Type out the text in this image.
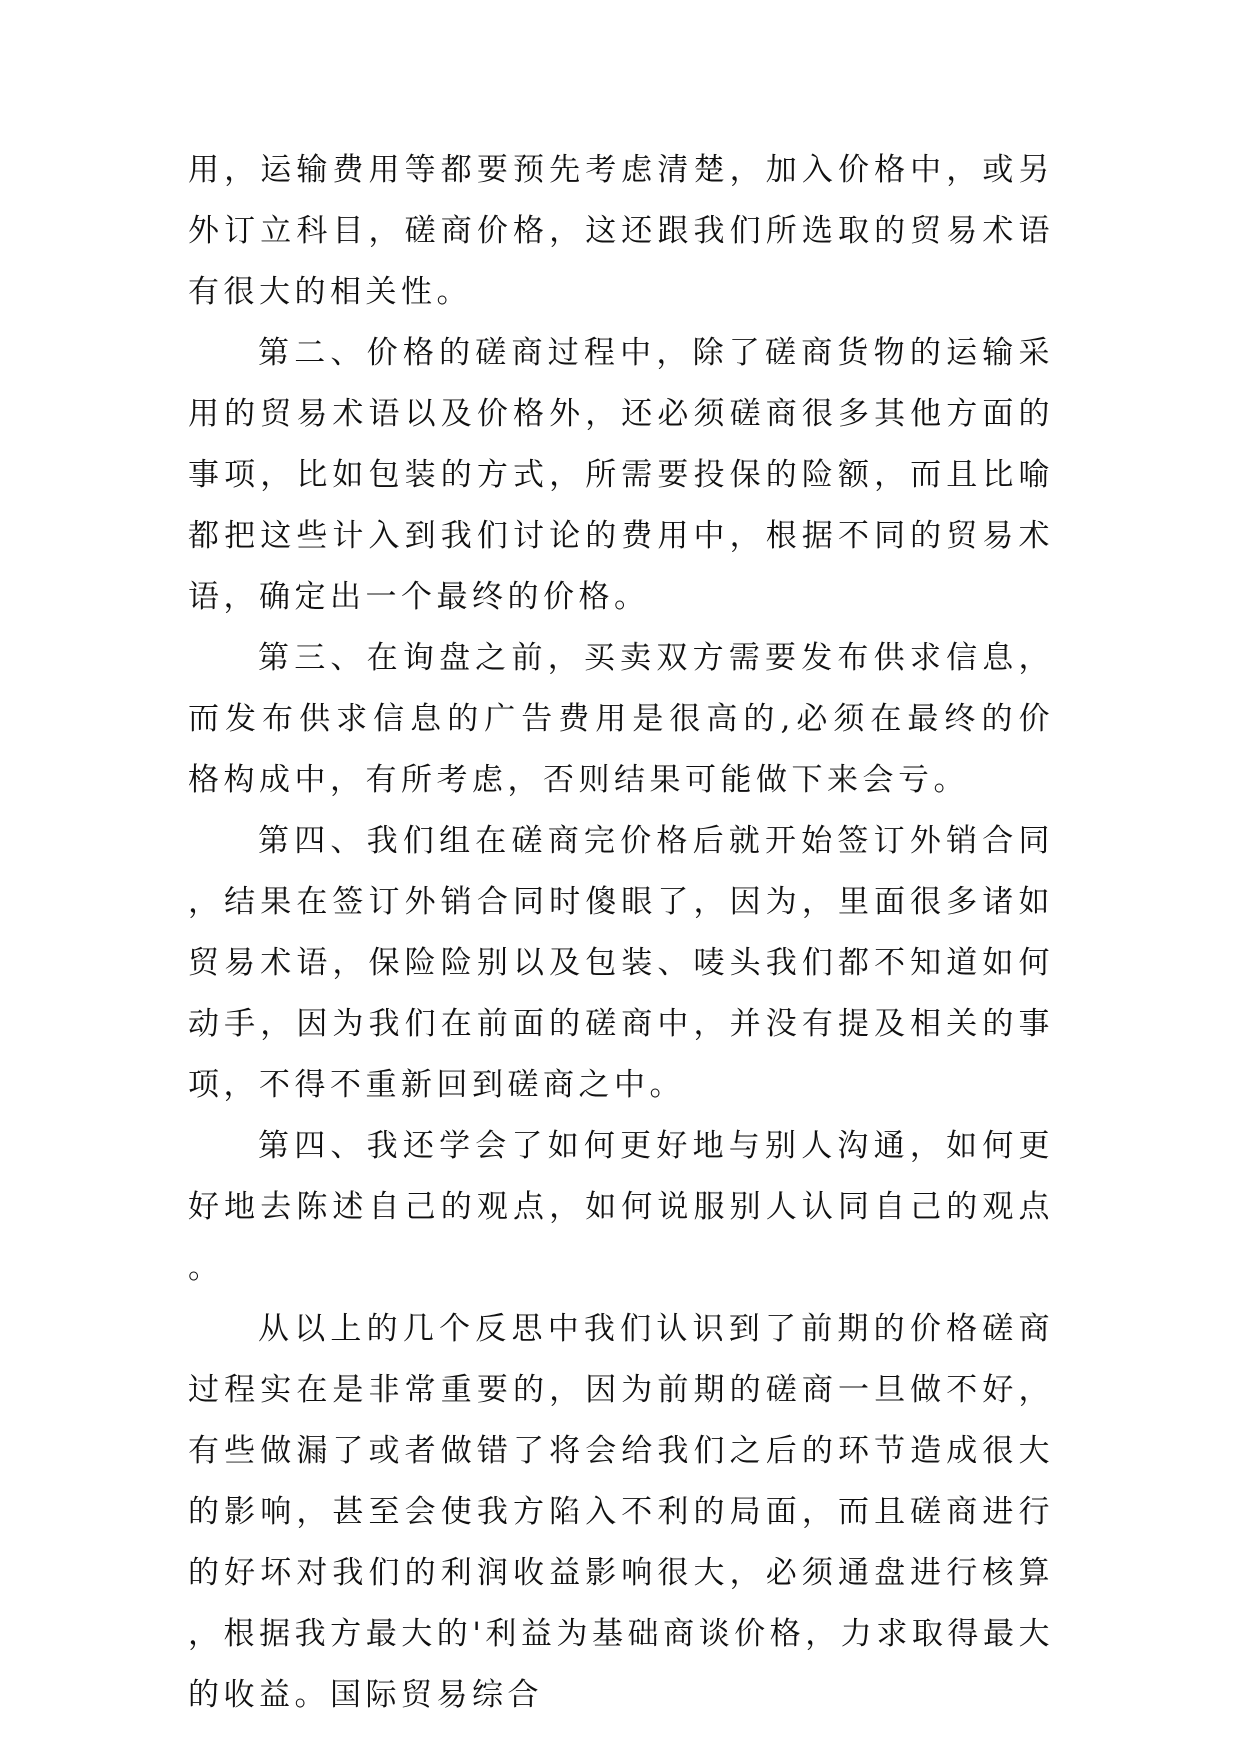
用，运输费用等都要预先考虑清楚，加入价格中，或另外订立科目，磋商价格，这还跟我们所选取的贸易术语有很大的相关性。

第二、价格的磋商过程中，除了磋商货物的运输采用的贸易术语以及价格外，还必须磋商很多其他方面的事项，比如包装的方式，所需要投保的险额，而且比喻都把这些计入到我们讨论的费用中，根据不同的贸易术语，确定出一个最终的价格。

第三、在询盘之前，买卖双方需要发布供求信息，而发布供求信息的广告费用是很高的,必须在最终的价格构成中，有所考虑，否则结果可能做下来会亏。

第四、我们组在磋商完价格后就开始签订外销合同，结果在签订外销合同时傻眼了，因为，里面很多诸如贸易术语，保险险别以及包装、唛头我们都不知道如何动手，因为我们在前面的磋商中，并没有提及相关的事项，不得不重新回到磋商之中。

第四、我还学会了如何更好地与别人沟通，如何更好地去陈述自己的观点，如何说服别人认同自己的观点。

从以上的几个反思中我们认识到了前期的价格磋商过程实在是非常重要的，因为前期的磋商一旦做不好，有些做漏了或者做错了将会给我们之后的环节造成很大的影响，甚至会使我方陷入不利的局面，而且磋商进行的好坏对我们的利润收益影响很大，必须通盘进行核算，根据我方最大的'利益为基础商谈价格，力求取得最大的收益。国际贸易综合
